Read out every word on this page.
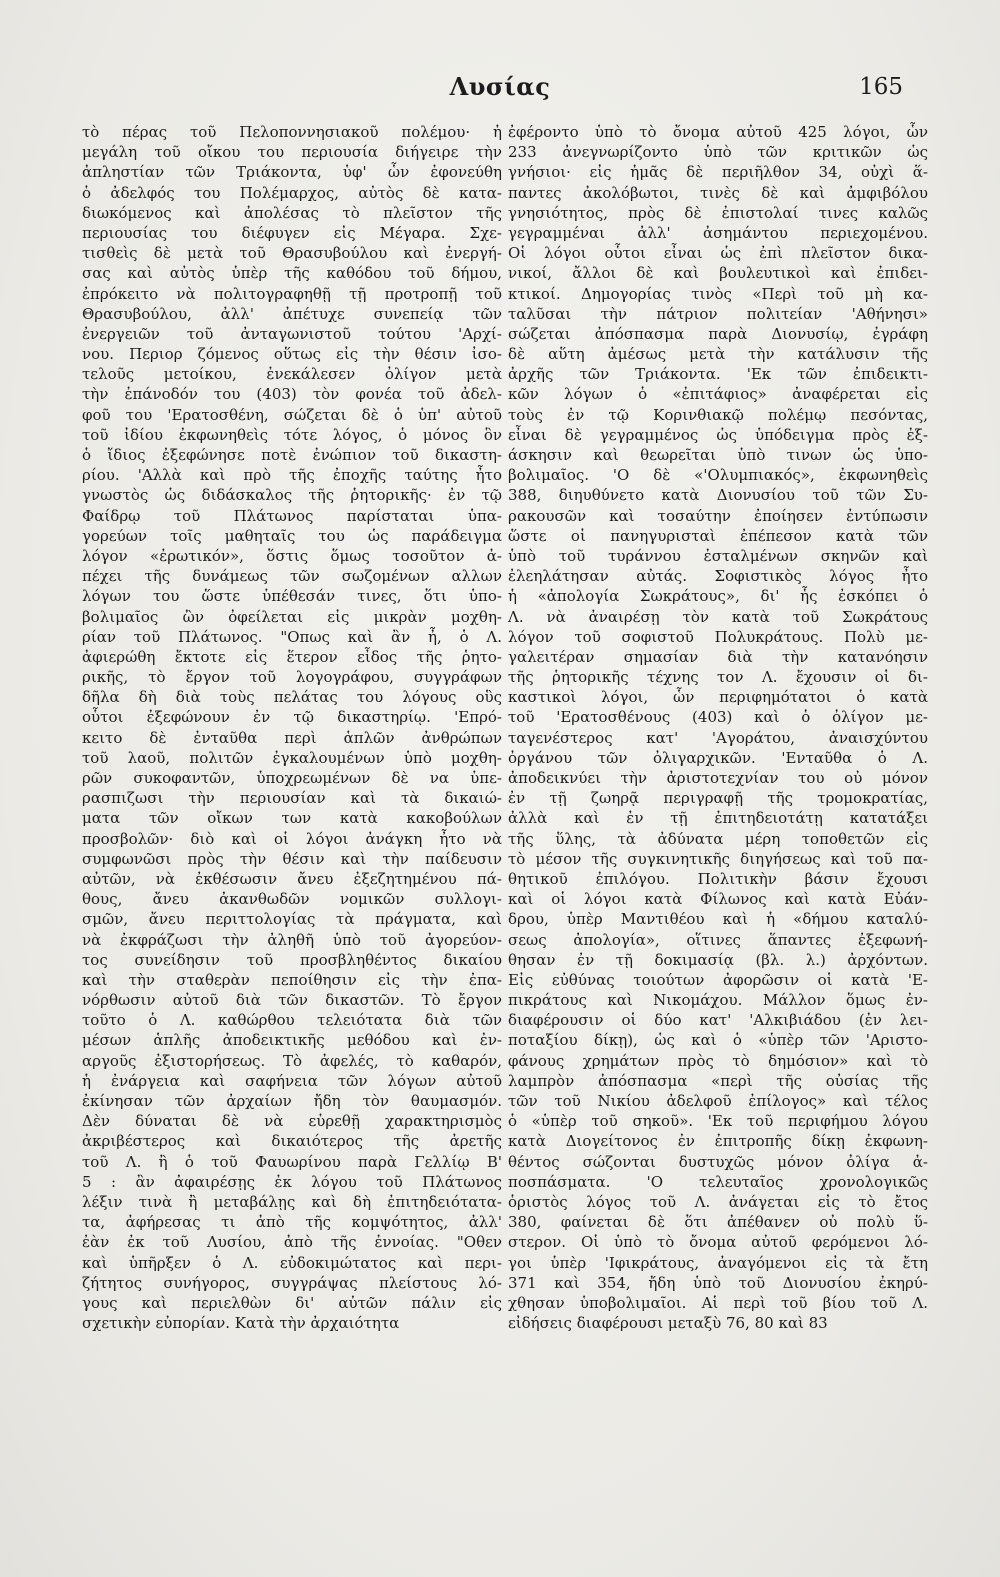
Λυσίας	165
τὸ πέρας τοῦ Πελοποννησιακοῦ πολέμου· ἡ
μεγάλη τοῦ οἴκου του περιουσία διήγειρε τὴν
ἀπληστίαν τῶν Τριάκοντα, ὑφ' ὧν ἐφονεύθη
ὁ ἀδελφός του Πολέμαρχος, αὐτὸς δὲ κατα-
διωκόμενος καὶ ἀπολέσας τὸ πλεῖστον τῆς
περιουσίας του διέφυγεν εἰς Μέγαρα. Σχε-
τισθεὶς δὲ μετὰ τοῦ Θρασυβούλου καὶ ἐνεργή-
σας καὶ αὐτὸς ὑπὲρ τῆς καθόδου τοῦ δήμου,
ἐπρόκειτο νὰ πολιτογραφηθῇ τῇ προτροπῇ τοῦ
Θρασυβούλου, ἀλλ' ἀπέτυχε συνεπείᾳ τῶν
ἐνεργειῶν τοῦ ἀνταγωνιστοῦ τούτου 'Αρχί-
νου. Περιορ ζόμενος οὕτως εἰς τὴν θέσιν ἰσο-
τελοῦς μετοίκου, ἐνεκάλεσεν ὀλίγον μετὰ
τὴν ἐπάνοδόν του (403) τὸν φονέα τοῦ ἀδελ-
φοῦ του 'Ερατοσθένη, σώζεται δὲ ὁ ὑπ' αὐτοῦ
τοῦ ἰδίου ἐκφωνηθεὶς τότε λόγος, ὁ μόνος ὃν
ὁ ἴδιος ἐξεφώνησε ποτὲ ἐνώπιον τοῦ δικαστη-
ρίου. 'Αλλὰ καὶ πρὸ τῆς ἐποχῆς ταύτης ἦτο
γνωστὸς ὡς διδάσκαλος τῆς ῥητορικῆς· ἐν τῷ
Φαίδρῳ τοῦ Πλάτωνος παρίσταται ὑπα-
γορεύων τοῖς μαθηταῖς του ὡς παράδειγμα
λόγον «ἐρωτικόν», ὅστις ὅμως τοσοῦτον ἀ-
πέχει τῆς δυνάμεως τῶν σωζομένων αλλων
λόγων του ὥστε ὑπέθεσάν τινες, ὅτι ὑπο-
βολιμαῖος ὢν ὀφείλεται εἰς μικρὰν μοχθη-
ρίαν τοῦ Πλάτωνος. "Οπως καὶ ἂν ἦ, ὁ Λ.
ἀφιερώθη ἔκτοτε εἰς ἕτερον εἶδος τῆς ῥητο-
ρικῆς, τὸ ἔργον τοῦ λογογράφου, συγγράφων
δῆλα δὴ διὰ τοὺς πελάτας του λόγους οὓς
οὗτοι ἐξεφώνουν ἐν τῷ δικαστηρίῳ. 'Επρό-
κειτο δὲ ἐνταῦθα περὶ ἁπλῶν ἀνθρώπων
τοῦ λαοῦ, πολιτῶν ἐγκαλουμένων ὑπὸ μοχθη-
ρῶν συκοφαντῶν, ὑποχρεωμένων δὲ να ὑπε-
ρασπιζωσι τὴν περιουσίαν καὶ τὰ δικαιώ-
ματα τῶν οἴκων των κατὰ κακοβούλων
προσβολῶν· διὸ καὶ οἱ λόγοι ἀνάγκη ἦτο νὰ
συμφωνῶσι πρὸς τὴν θέσιν καὶ τὴν παίδευσιν
αὐτῶν, νὰ ἐκθέσωσιν ἄνευ ἐξεζητημένου πά-
θους, ἄνευ ἀκανθωδῶν νομικῶν συλλογι-
σμῶν, ἄνευ περιττολογίας τὰ πράγματα, καὶ
νὰ ἐκφράζωσι τὴν ἀληθῆ ὑπὸ τοῦ ἀγορεύον-
τος συνείδησιν τοῦ προσβληθέντος δικαίου
καὶ τὴν σταθερὰν πεποίθησιν εἰς τὴν ἐπα-
νόρθωσιν αὐτοῦ διὰ τῶν δικαστῶν. Τὸ ἔργον
τοῦτο ὁ Λ. καθώρθου τελειότατα διὰ τῶν
μέσων ἁπλῆς ἀποδεικτικῆς μεθόδου καὶ ἐν-
αργοῦς ἐξιστορήσεως. Τὸ ἀφελές, τὸ καθαρόν,
ἡ ἐνάργεια καὶ σαφήνεια τῶν λόγων αὐτοῦ
ἐκίνησαν τῶν ἀρχαίων ἤδη τὸν θαυμασμόν.
Δὲν δύναται δὲ νὰ εὑρεθῇ χαρακτηρισμὸς
ἀκριβέστερος καὶ δικαιότερος τῆς ἀρετῆς
τοῦ Λ. ἢ ὁ τοῦ Φαυωρίνου παρὰ Γελλίῳ Β'
5 : ἂν ἀφαιρέσῃς ἐκ λόγου τοῦ Πλάτωνος
λέξιν τινὰ ἢ μεταβάλῃς καὶ δὴ ἐπιτηδειότατα-
τα, ἀφήρεσας τι ἀπὸ τῆς κομψότητος, ἀλλ'
ἐὰν ἐκ τοῦ Λυσίου, ἀπὸ τῆς ἐννοίας. "Οθεν
καὶ ὑπῆρξεν ὁ Λ. εὐδοκιμώτατος καὶ περι-
ζήτητος συνήγορος, συγγράψας πλείστους λό-
γους καὶ περιελθὼν δι' αὐτῶν πάλιν εἰς
σχετικὴν εὐπορίαν. Κατὰ τὴν ἀρχαιότητα
ἐφέροντο ὑπὸ τὸ ὄνομα αὐτοῦ 425 λόγοι, ὧν
233 ἀνεγνωρίζοντο ὑπὸ τῶν κριτικῶν ὡς
γνήσιοι· εἰς ἡμᾶς δὲ περιῆλθον 34, οὐχὶ ἅ-
παντες ἀκολόβωτοι, τινὲς δὲ καὶ ἀμφιβόλου
γνησιότητος, πρὸς δὲ ἐπιστολαί τινες καλῶς
γεγραμμέναι ἀλλ' ἀσημάντου περιεχομένου.
Οἱ λόγοι οὗτοι εἶναι ὡς ἐπὶ πλεῖστον δικα-
νικοί, ἄλλοι δὲ καὶ βουλευτικοὶ καὶ ἐπιδει-
κτικοί. Δημογορίας τινὸς «Περὶ τοῦ μὴ κα-
ταλῦσαι τὴν πάτριον πολιτείαν 'Αθήνησι»
σώζεται ἀπόσπασμα παρὰ Διονυσίῳ, ἐγράφη
δὲ αὕτη ἀμέσως μετὰ τὴν κατάλυσιν τῆς
ἀρχῆς τῶν Τριάκοντα. 'Εκ τῶν ἐπιδεικτι-
κῶν λόγων ὁ «ἐπιτάφιος» ἀναφέρεται εἰς
τοὺς ἐν τῷ Κορινθιακῷ πολέμῳ πεσόντας,
εἶναι δὲ γεγραμμένος ὡς ὑπόδειγμα πρὸς ἐξ-
άσκησιν καὶ θεωρεῖται ὑπὸ τινων ὡς ὑπο-
βολιμαῖος. 'Ο δὲ «'Ολυμπιακός», ἐκφωνηθεὶς
388, διηυθύνετο κατὰ Διονυσίου τοῦ τῶν Συ-
ρακουσῶν καὶ τοσαύτην ἐποίησεν ἐντύπωσιν
ὥστε οἱ πανηγυρισταὶ ἐπέπεσον κατὰ τῶν
ὑπὸ τοῦ τυράννου ἐσταλμένων σκηνῶν καὶ
ἐλεηλάτησαν αὐτάς. Σοφιστικὸς λόγος ἦτο
ἡ «ἀπολογία Σωκράτους», δι' ἧς ἐσκόπει ὁ
Λ. νὰ ἀναιρέσῃ τὸν κατὰ τοῦ Σωκράτους
λόγον τοῦ σοφιστοῦ Πολυκράτους. Πολὺ με-
γαλειτέραν σημασίαν διὰ τὴν κατανόησιν
τῆς ῥητορικῆς τέχνης τον Λ. ἔχουσιν οἱ δι-
καστικοὶ λόγοι, ὧν περιφημότατοι ὁ κατὰ
τοῦ 'Ερατοσθένους (403) καὶ ὁ ὀλίγον με-
ταγενέστερος κατ' 'Αγοράτου, ἀναισχύντου
ὀργάνου τῶν ὀλιγαρχικῶν. 'Ενταῦθα ὁ Λ.
ἀποδεικνύει τὴν ἀριστοτεχνίαν του οὐ μόνον
ἐν τῇ ζωηρᾷ περιγραφῇ τῆς τρομοκρατίας,
ἀλλὰ καὶ ἐν τῇ ἐπιτηδειοτάτῃ κατατάξει
τῆς ὕλης, τὰ ἀδύνατα μέρη τοποθετῶν εἰς
τὸ μέσον τῆς συγκινητικῆς διηγήσεως καὶ τοῦ πα-
θητικοῦ ἐπιλόγου. Πολιτικὴν βάσιν ἔχουσι
καὶ οἱ λόγοι κατὰ Φίλωνος καὶ κατὰ Εὐάν-
δρου, ὑπὲρ Μαντιθέου καὶ ἡ «δήμου καταλύ-
σεως ἀπολογία», οἵτινες ἅπαντες ἐξεφωνή-
θησαν ἐν τῇ δοκιμασίᾳ (βλ. λ.) ἀρχόντων.
Εἰς εὐθύνας τοιούτων ἀφορῶσιν οἱ κατὰ 'Ε-
πικράτους καὶ Νικομάχου. Μάλλον ὅμως ἐν-
διαφέρουσιν οἱ δύο κατ' 'Αλκιβιάδου (ἐν λει-
ποταξίου δίκῃ), ὡς καὶ ὁ «ὑπὲρ τῶν 'Αριστο-
φάνους χρημάτων πρὸς τὸ δημόσιον» καὶ τὸ
λαμπρὸν ἀπόσπασμα «περὶ τῆς οὐσίας τῆς
τῶν τοῦ Νικίου ἀδελφοῦ ἐπίλογος» καὶ τέλος
ὁ «ὑπὲρ τοῦ σηκοῦ». 'Εκ τοῦ περιφήμου λόγου
κατὰ Διογείτονος ἐν ἐπιτροπῆς δίκῃ ἐκφωνη-
θέντος σώζονται δυστυχῶς μόνον ὀλίγα ἀ-
ποσπάσματα. 'Ο τελευταῖος χρονολογικῶς
ὁριστὸς λόγος τοῦ Λ. ἀνάγεται εἰς τὸ ἔτος
380, φαίνεται δὲ ὅτι ἀπέθανεν οὐ πολὺ ὕ-
στερον. Οἱ ὑπὸ τὸ ὄνομα αὐτοῦ φερόμενοι λό-
γοι ὑπὲρ 'Ιφικράτους, ἀναγόμενοι εἰς τὰ ἔτη
371 καὶ 354, ἤδη ὑπὸ τοῦ Διονυσίου ἐκηρύ-
χθησαν ὑποβολιμαῖοι. Αἱ περὶ τοῦ βίου τοῦ Λ.
εἰδήσεις διαφέρουσι μεταξὺ 76, 80 καὶ 83
